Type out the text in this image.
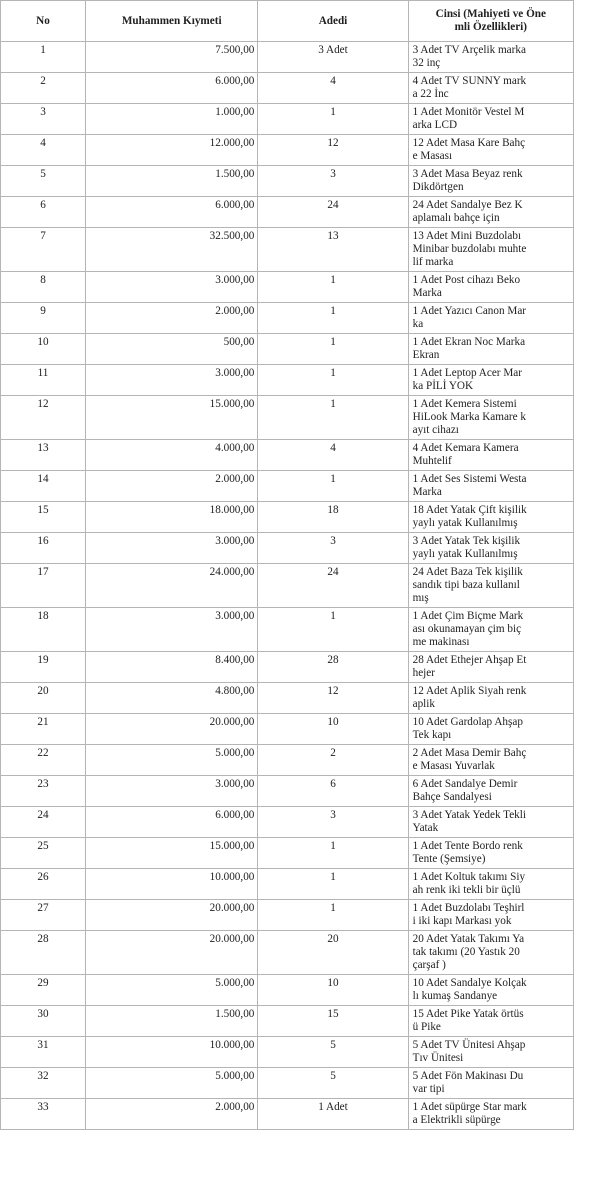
No	Muhammen Kıymeti	Adedi	Cinsi (Mahiyeti ve Öne
mli Özellikleri)
1	7.500,00	3 Adet	3 Adet TV Arçelik marka
32 inç

2	6.000,00	4	4 Adet TV SUNNY mark
a 22 İnc

3	1.000,00	1	1 Adet Monitör Vestel M
arka LCD

4	12.000,00	12	12 Adet Masa Kare Bahç
e Masası

5	1.500,00	3	3 Adet Masa Beyaz renk
Dikdörtgen

6	6.000,00	24	24 Adet Sandalye Bez K
aplamalı bahçe için

7	32.500,00	13	13 Adet Mini Buzdolabı
Minibar buzdolabı muhte
lif marka

8	3.000,00	1	1 Adet Post cihazı Beko
Marka

9	2.000,00	1	1 Adet Yazıcı Canon Mar
ka

10	500,00	1	1 Adet Ekran Noc Marka
Ekran

11	3.000,00	1	1 Adet Leptop Acer Mar
ka PİLİ YOK

12	15.000,00	1	1 Adet Kemera Sistemi
HiLook Marka Kamare k
ayıt cihazı

13	4.000,00	4	4 Adet Kemara Kamera
Muhtelif

14	2.000,00	1	1 Adet Ses Sistemi Westa
Marka

15	18.000,00	18	18 Adet Yatak Çift kişilik
yaylı yatak Kullanılmış

16	3.000,00	3	3 Adet Yatak Tek kişilik
yaylı yatak Kullanılmış

17	24.000,00	24	24 Adet Baza Tek kişilik
sandık tipi baza kullanıl
mış

18	3.000,00	1	1 Adet Çim Biçme Mark
ası okunamayan çim biç
me makinası

19	8.400,00	28	28 Adet Ethejer Ahşap Et
hejer

20	4.800,00	12	12 Adet Aplik Siyah renk
aplik

21	20.000,00	10	10 Adet Gardolap Ahşap
Tek kapı

22	5.000,00	2	2 Adet Masa Demir Bahç
e Masası Yuvarlak

23	3.000,00	6	6 Adet Sandalye Demir
Bahçe Sandalyesi

24	6.000,00	3	3 Adet Yatak Yedek Tekli
Yatak

25	15.000,00	1	1 Adet Tente Bordo renk
Tente (Şemsiye)

26	10.000,00	1	1 Adet Koltuk takımı Siy
ah renk iki tekli bir üçlü

27	20.000,00	1	1 Adet Buzdolabı Teşhirl
i iki kapı Markası yok

28	20.000,00	20	20 Adet Yatak Takımı Ya
tak takımı (20 Yastık 20
çarşaf )

29	5.000,00	10	10 Adet Sandalye Kolçak
lı kumaş Sandanye

30	1.500,00	15	15 Adet Pike Yatak örtüs
ü Pike

31	10.000,00	5	5 Adet TV Ünitesi Ahşap
Tıv Ünitesi

32	5.000,00	5	5 Adet Fön Makinası Du
var tipi

33	2.000,00	1 Adet	1 Adet süpürge Star mark
a Elektrikli süpürge
